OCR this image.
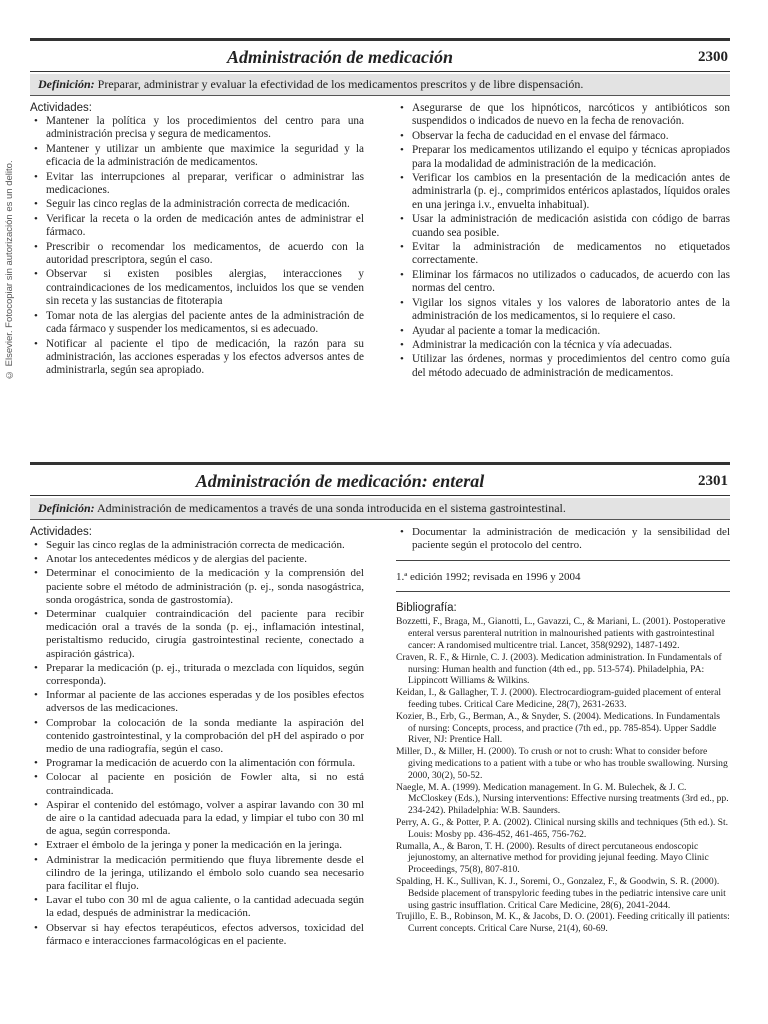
© Elsevier. Fotocopiar sin autorización es un delito.
Administración de medicación	2300
Definición: Preparar, administrar y evaluar la efectividad de los medicamentos prescritos y de libre dispensación.
Actividades:
• Mantener la política y los procedimientos del centro para una administración precisa y segura de medicamentos.
• Mantener y utilizar un ambiente que maximice la seguridad y la eficacia de la administración de medicamentos.
• Evitar las interrupciones al preparar, verificar o administrar las medicaciones.
• Seguir las cinco reglas de la administración correcta de medicación.
• Verificar la receta o la orden de medicación antes de administrar el fármaco.
• Prescribir o recomendar los medicamentos, de acuerdo con la autoridad prescriptora, según el caso.
• Observar si existen posibles alergias, interacciones y contraindicaciones de los medicamentos, incluidos los que se venden sin receta y las sustancias de fitoterapia
• Tomar nota de las alergias del paciente antes de la administración de cada fármaco y suspender los medicamentos, si es adecuado.
• Notificar al paciente el tipo de medicación, la razón para su administración, las acciones esperadas y los efectos adversos antes de administrarla, según sea apropiado.
• Asegurarse de que los hipnóticos, narcóticos y antibióticos son suspendidos o indicados de nuevo en la fecha de renovación.
• Observar la fecha de caducidad en el envase del fármaco.
• Preparar los medicamentos utilizando el equipo y técnicas apropiados para la modalidad de administración de la medicación.
• Verificar los cambios en la presentación de la medicación antes de administrarla (p. ej., comprimidos entéricos aplastados, líquidos orales en una jeringa i.v., envuelta inhabitual).
• Usar la administración de medicación asistida con código de barras cuando sea posible.
• Evitar la administración de medicamentos no etiquetados correctamente.
• Eliminar los fármacos no utilizados o caducados, de acuerdo con las normas del centro.
• Vigilar los signos vitales y los valores de laboratorio antes de la administración de los medicamentos, si lo requiere el caso.
• Ayudar al paciente a tomar la medicación.
• Administrar la medicación con la técnica y vía adecuadas.
• Utilizar las órdenes, normas y procedimientos del centro como guía del método adecuado de administración de medicamentos.
Administración de medicación: enteral	2301
Definición: Administración de medicamentos a través de una sonda introducida en el sistema gastrointestinal.
Actividades:
• Seguir las cinco reglas de la administración correcta de medicación.
• Anotar los antecedentes médicos y de alergias del paciente.
• Determinar el conocimiento de la medicación y la comprensión del paciente sobre el método de administración (p. ej., sonda nasogástrica, sonda orogástrica, sonda de gastrostomía).
• Determinar cualquier contraindicación del paciente para recibir medicación oral a través de la sonda (p. ej., inflamación intestinal, peristaltismo reducido, cirugía gastrointestinal reciente, conectado a aspiración gástrica).
• Preparar la medicación (p. ej., triturada o mezclada con líquidos, según corresponda).
• Informar al paciente de las acciones esperadas y de los posibles efectos adversos de las medicaciones.
• Comprobar la colocación de la sonda mediante la aspiración del contenido gastrointestinal, y la comprobación del pH del aspirado o por medio de una radiografía, según el caso.
• Programar la medicación de acuerdo con la alimentación con fórmula.
• Colocar al paciente en posición de Fowler alta, si no está contraindicada.
• Aspirar el contenido del estómago, volver a aspirar lavando con 30 ml de aire o la cantidad adecuada para la edad, y limpiar el tubo con 30 ml de agua, según corresponda.
• Extraer el émbolo de la jeringa y poner la medicación en la jeringa.
• Administrar la medicación permitiendo que fluya libremente desde el cilindro de la jeringa, utilizando el émbolo solo cuando sea necesario para facilitar el flujo.
• Lavar el tubo con 30 ml de agua caliente, o la cantidad adecuada según la edad, después de administrar la medicación.
• Observar si hay efectos terapéuticos, efectos adversos, toxicidad del fármaco e interacciones farmacológicas en el paciente.
• Documentar la administración de medicación y la sensibilidad del paciente según el protocolo del centro.
1.ª edición 1992; revisada en 1996 y 2004
Bibliografía:
Bozzetti, F., Braga, M., Gianotti, L., Gavazzi, C., & Mariani, L. (2001). Postoperative enteral versus parenteral nutrition in malnourished patients with gastrointestinal cancer: A randomised multicentre trial. Lancet, 358(9292), 1487-1492.
Craven, R. F., & Hirnle, C. J. (2003). Medication administration. In Fundamentals of nursing: Human health and function (4th ed., pp. 513-574). Philadelphia, PA: Lippincott Williams & Wilkins.
Keidan, I., & Gallagher, T. J. (2000). Electrocardiogram-guided placement of enteral feeding tubes. Critical Care Medicine, 28(7), 2631-2633.
Kozier, B., Erb, G., Berman, A., & Snyder, S. (2004). Medications. In Fundamentals of nursing: Concepts, process, and practice (7th ed., pp. 785-854). Upper Saddle River, NJ: Prentice Hall.
Miller, D., & Miller, H. (2000). To crush or not to crush: What to consider before giving medications to a patient with a tube or who has trouble swallowing. Nursing 2000, 30(2), 50-52.
Naegle, M. A. (1999). Medication management. In G. M. Bulechek, & J. C. McCloskey (Eds.), Nursing interventions: Effective nursing treatments (3rd ed., pp. 234-242). Philadelphia: W.B. Saunders.
Perry, A. G., & Potter, P. A. (2002). Clinical nursing skills and techniques (5th ed.). St. Louis: Mosby pp. 436-452, 461-465, 756-762.
Rumalla, A., & Baron, T. H. (2000). Results of direct percutaneous endoscopic jejunostomy, an alternative method for providing jejunal feeding. Mayo Clinic Proceedings, 75(8), 807-810.
Spalding, H. K., Sullivan, K. J., Soremi, O., Gonzalez, F., & Goodwin, S. R. (2000). Bedside placement of transpyloric feeding tubes in the pediatric intensive care unit using gastric insufflation. Critical Care Medicine, 28(6), 2041-2044.
Trujillo, E. B., Robinson, M. K., & Jacobs, D. O. (2001). Feeding critically ill patients: Current concepts. Critical Care Nurse, 21(4), 60-69.
